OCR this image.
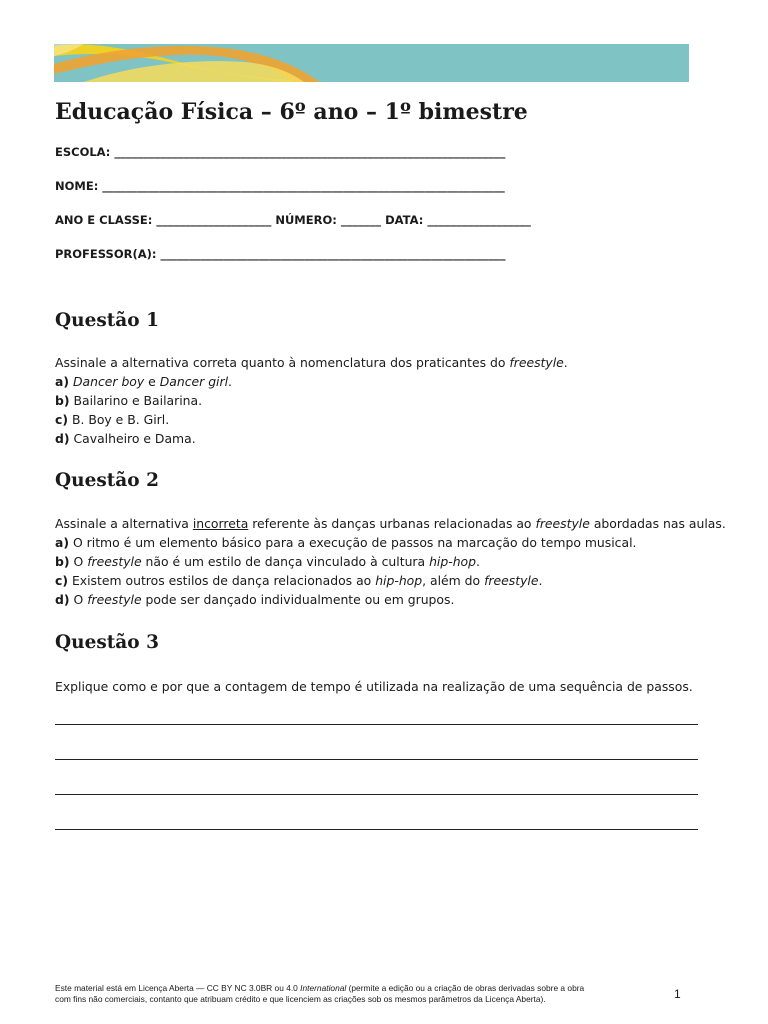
Educação Física – 6º ano – 1º bimestre
ESCOLA: ____________________________________________________________________
NOME: ______________________________________________________________________
ANO E CLASSE: ____________________ NÚMERO: _______ DATA: __________________
PROFESSOR(A): ____________________________________________________________
Questão 1
Assinale a alternativa correta quanto à nomenclatura dos praticantes do freestyle.
a) Dancer boy e Dancer girl.
b) Bailarino e Bailarina.
c) B. Boy e B. Girl.
d) Cavalheiro e Dama.
Questão 2
Assinale a alternativa incorreta referente às danças urbanas relacionadas ao freestyle abordadas nas aulas.
a) O ritmo é um elemento básico para a execução de passos na marcação do tempo musical.
b) O freestyle não é um estilo de dança vinculado à cultura hip-hop.
c) Existem outros estilos de dança relacionados ao hip-hop, além do freestyle.
d) O freestyle pode ser dançado individualmente ou em grupos.
Questão 3
Explique como e por que a contagem de tempo é utilizada na realização de uma sequência de passos.
Este material está em Licença Aberta — CC BY NC 3.0BR ou 4.0 International (permite a edição ou a criação de obras derivadas sobre a obra
com fins não comerciais, contanto que atribuam crédito e que licenciem as criações sob os mesmos parâmetros da Licença Aberta).	1
